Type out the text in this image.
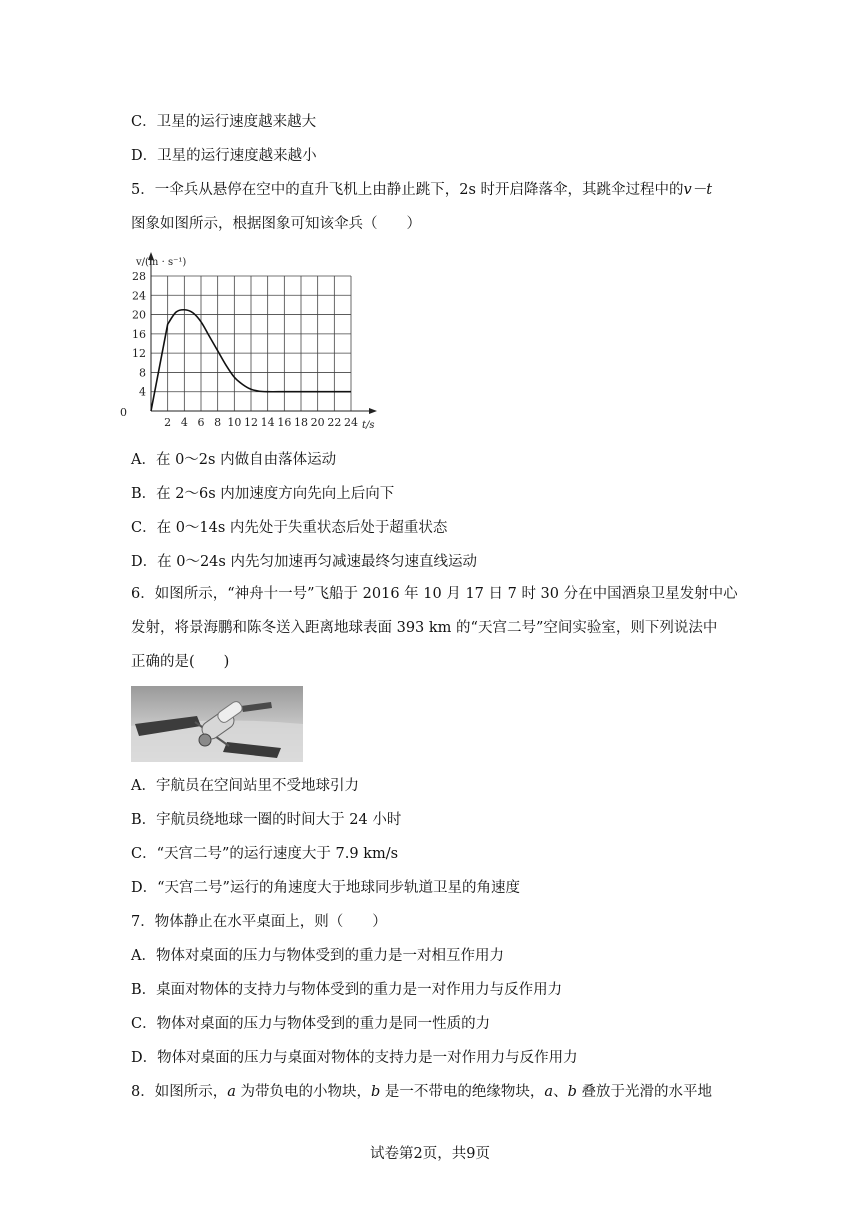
C．卫星的运行速度越来越大
D．卫星的运行速度越来越小
5．一伞兵从悬停在空中的直升飞机上由静止跳下，2s 时开启降落伞，其跳伞过程中的v－t
图象如图所示，根据图象可知该伞兵（　　）
2 4 6 8 10 12 14 16 18 20 22 24
4
8
12
16
20
24
28
v/(m · s⁻¹)
t/s
0
A．在 0～2s 内做自由落体运动
B．在 2～6s 内加速度方向先向上后向下
C．在 0～14s 内先处于失重状态后处于超重状态
D．在 0～24s 内先匀加速再匀减速最终匀速直线运动
6．如图所示，“神舟十一号”飞船于 2016 年 10 月 17 日 7 时 30 分在中国酒泉卫星发射中心
发射，将景海鹏和陈冬送入距离地球表面 393 km 的“天宫二号”空间实验室，则下列说法中
正确的是(　　)
A．宇航员在空间站里不受地球引力
B．宇航员绕地球一圈的时间大于 24 小时
C．“天宫二号”的运行速度大于 7.9 km/s
D．“天宫二号”运行的角速度大于地球同步轨道卫星的角速度
7．物体静止在水平桌面上，则（　　）
A．物体对桌面的压力与物体受到的重力是一对相互作用力
B．桌面对物体的支持力与物体受到的重力是一对作用力与反作用力
C．物体对桌面的压力与物体受到的重力是同一性质的力
D．物体对桌面的压力与桌面对物体的支持力是一对作用力与反作用力
8．如图所示，a 为带负电的小物块，b 是一不带电的绝缘物块，a、b 叠放于光滑的水平地
试卷第2页，共9页
